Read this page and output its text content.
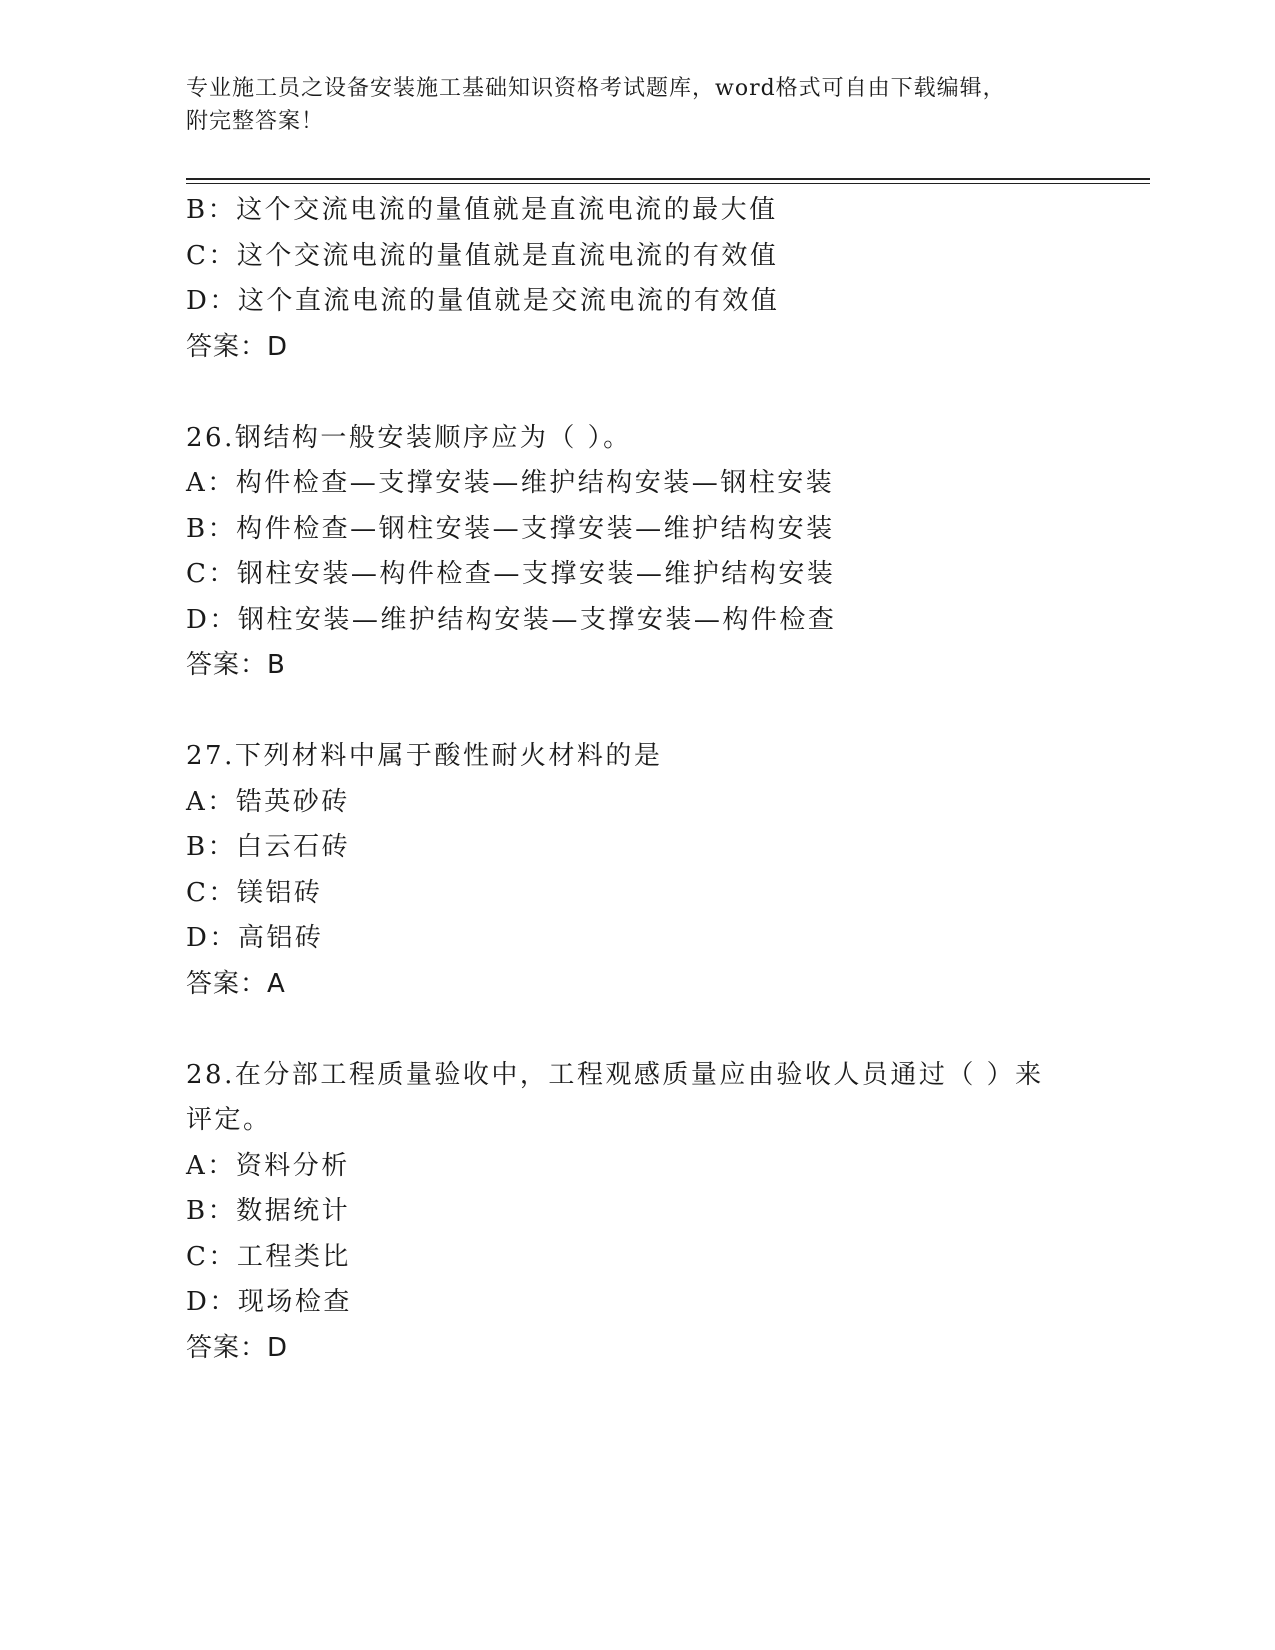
专业施工员之设备安装施工基础知识资格考试题库，word格式可自由下载编辑，
附完整答案！
B：这个交流电流的量值就是直流电流的最大值
C：这个交流电流的量值就是直流电流的有效值
D：这个直流电流的量值就是交流电流的有效值
答案：D
26.钢结构一般安装顺序应为（ ）。
A：构件检查—支撑安装—维护结构安装—钢柱安装
B：构件检查—钢柱安装—支撑安装—维护结构安装
C：钢柱安装—构件检查—支撑安装—维护结构安装
D：钢柱安装—维护结构安装—支撑安装—构件检查
答案：B
27.下列材料中属于酸性耐火材料的是
A：锆英砂砖
B：白云石砖
C：镁铝砖
D：高铝砖
答案：A
28.在分部工程质量验收中，工程观感质量应由验收人员通过（ ）来
评定。
A：资料分析
B：数据统计
C：工程类比
D：现场检查
答案：D
